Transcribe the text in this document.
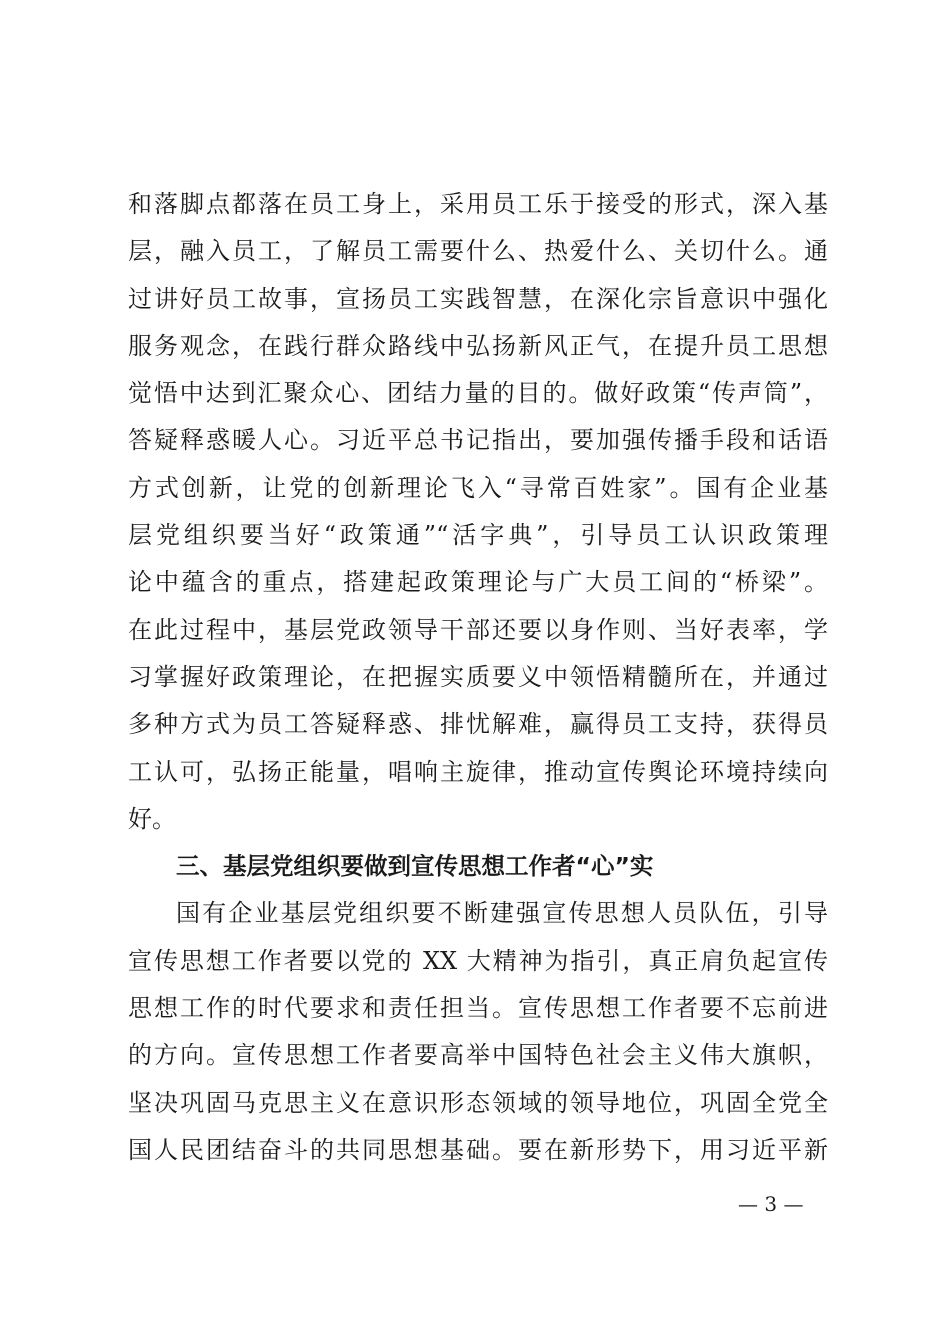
和落脚点都落在员工身上，采用员工乐于接受的形式，深入基
层，融入员工，了解员工需要什么、热爱什么、关切什么。通
过讲好员工故事，宣扬员工实践智慧，在深化宗旨意识中强化
服务观念，在践行群众路线中弘扬新风正气，在提升员工思想
觉悟中达到汇聚众心、团结力量的目的。做好政策“传声筒”，
答疑释惑暖人心。习近平总书记指出，要加强传播手段和话语
方式创新，让党的创新理论飞入“寻常百姓家”。国有企业基
层党组织要当好“政策通”“活字典”，引导员工认识政策理
论中蕴含的重点，搭建起政策理论与广大员工间的“桥梁”。
在此过程中，基层党政领导干部还要以身作则、当好表率，学
习掌握好政策理论，在把握实质要义中领悟精髓所在，并通过
多种方式为员工答疑释惑、排忧解难，赢得员工支持，获得员
工认可，弘扬正能量，唱响主旋律，推动宣传舆论环境持续向
好。
三、基层党组织要做到宣传思想工作者“心”实
国有企业基层党组织要不断建强宣传思想人员队伍，引导
宣传思想工作者要以党的 XX 大精神为指引，真正肩负起宣传
思想工作的时代要求和责任担当。宣传思想工作者要不忘前进
的方向。宣传思想工作者要高举中国特色社会主义伟大旗帜，
坚决巩固马克思主义在意识形态领域的领导地位，巩固全党全
国人民团结奋斗的共同思想基础。要在新形势下，用习近平新
— 3 —
